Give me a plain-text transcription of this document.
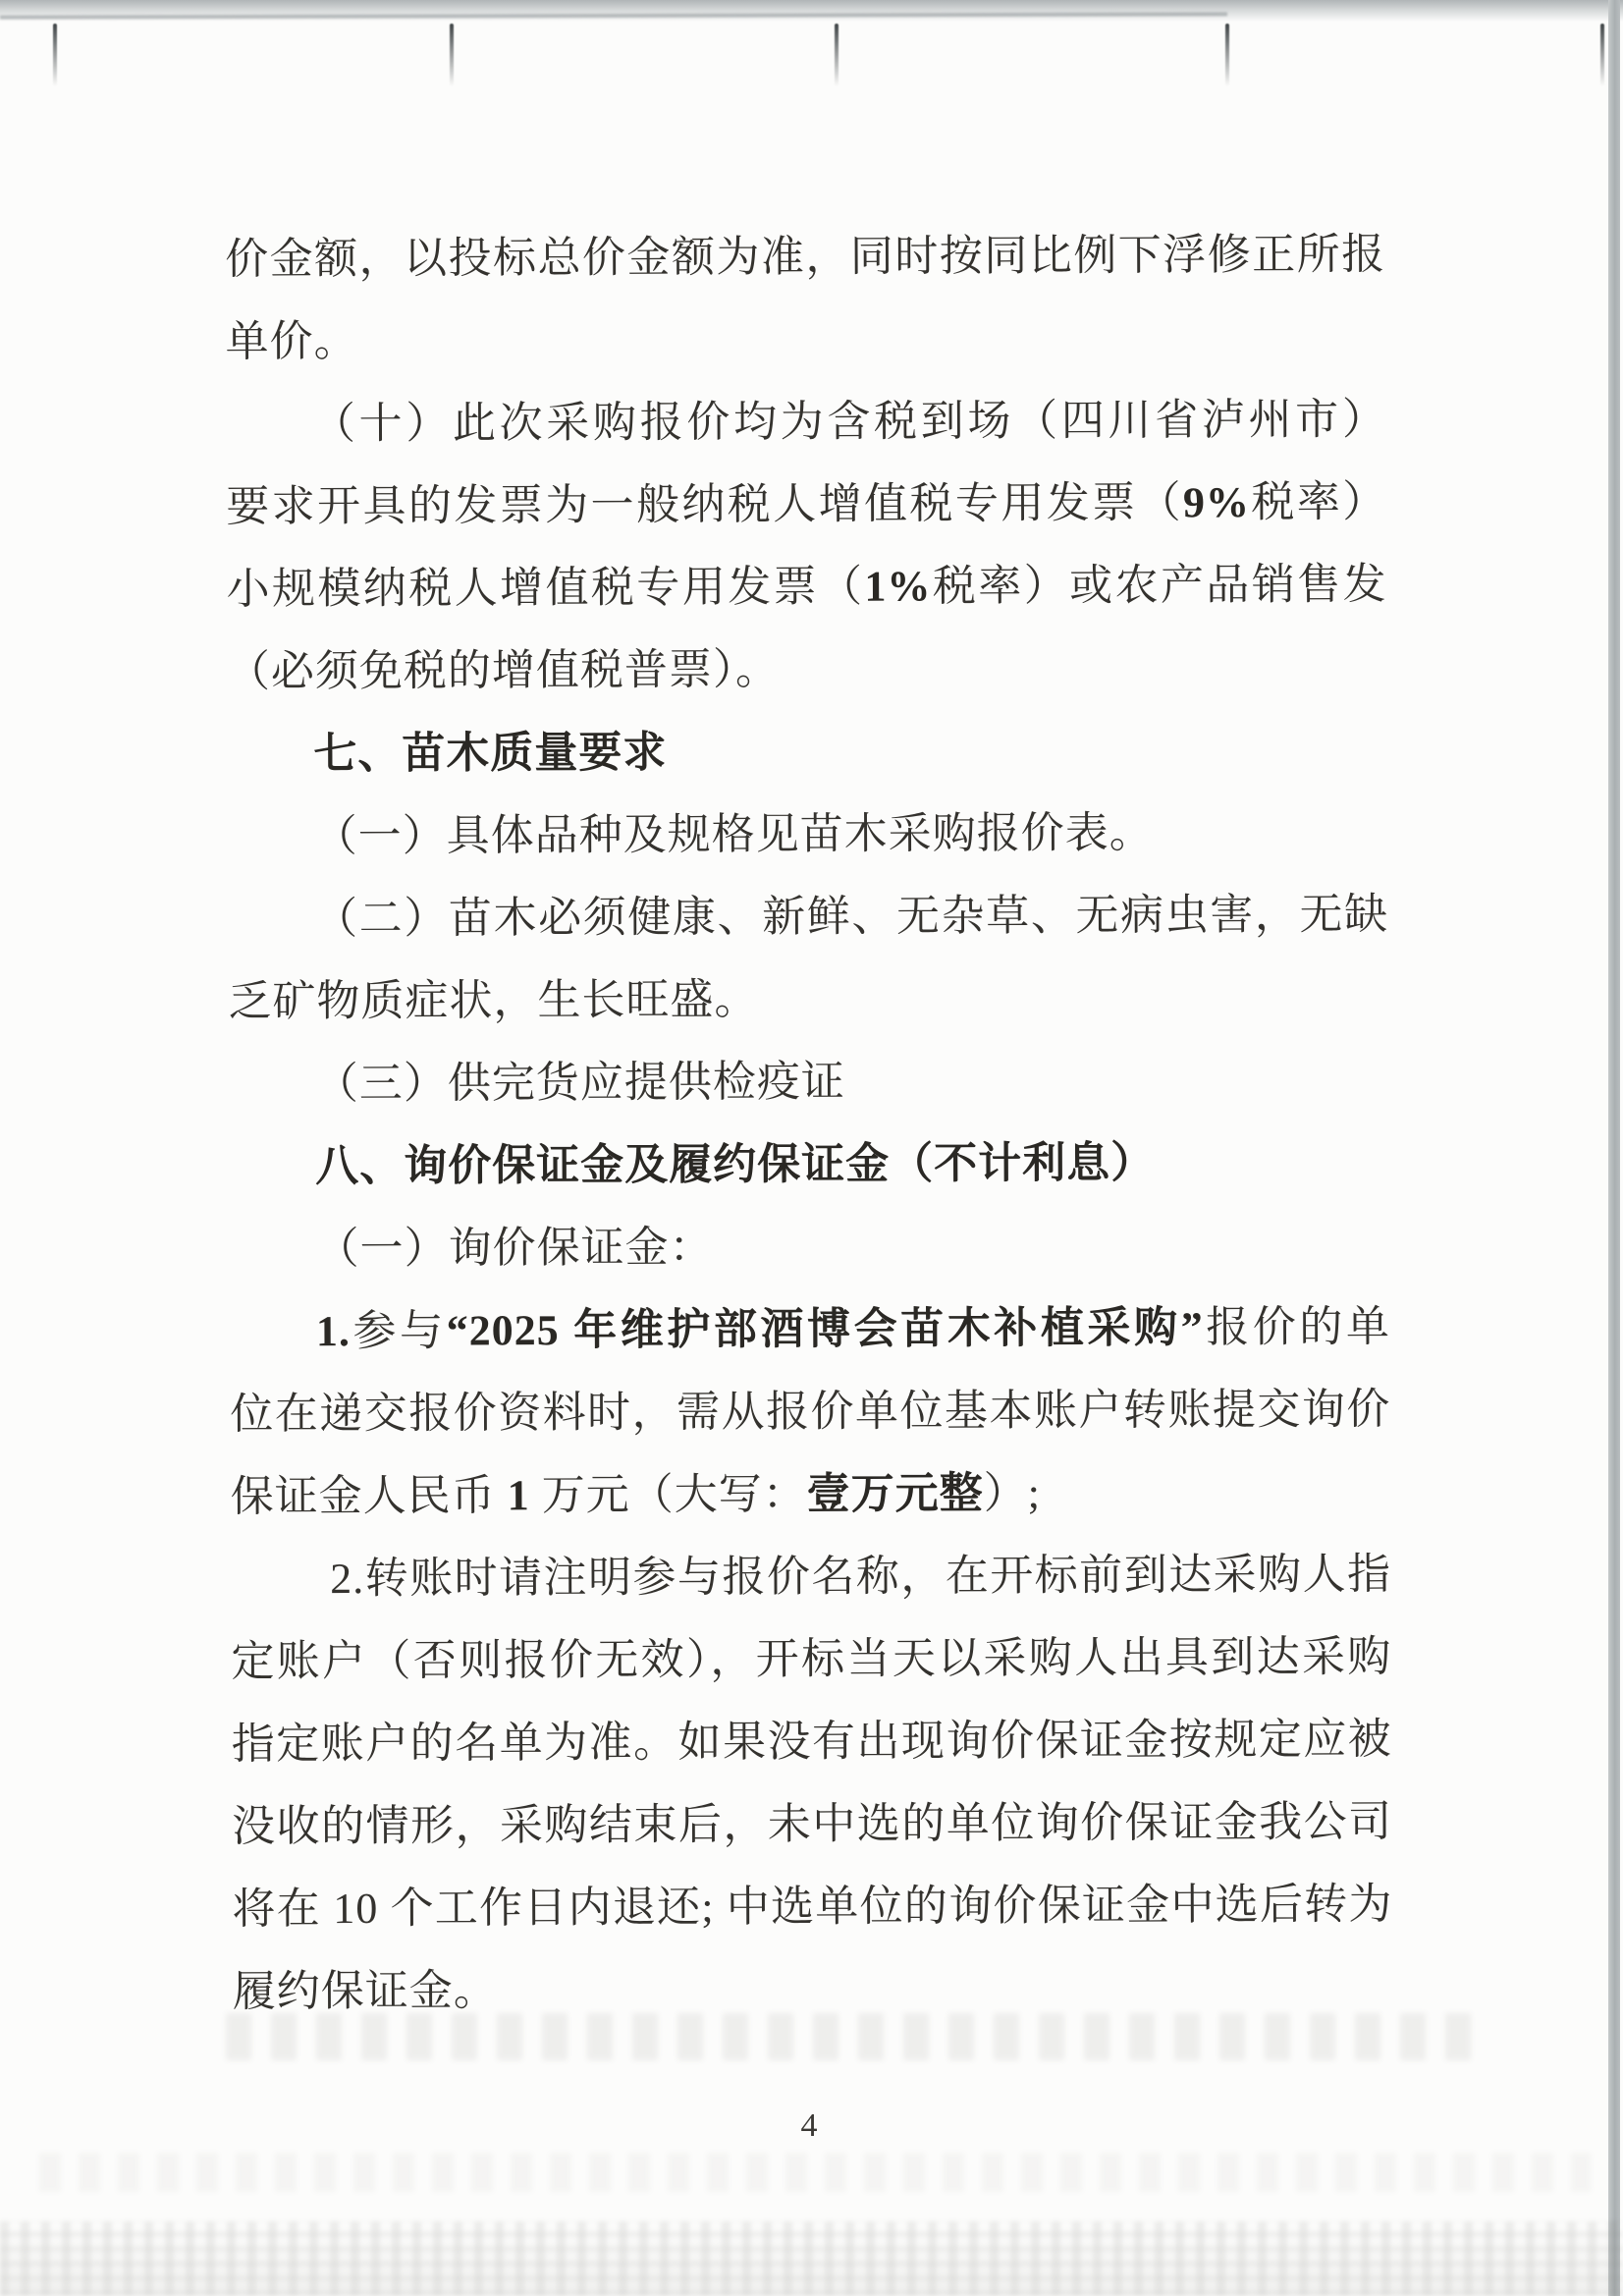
价金额，以投标总价金额为准，同时按同比例下浮修正所报
单价。
（十）此次采购报价均为含税到场（四川省泸州市）价，
要求开具的发票为一般纳税人增值税专用发票（9%税率）或
小规模纳税人增值税专用发票（1%税率）或农产品销售发票
（必须免税的增值税普票）。
七、苗木质量要求
（一）具体品种及规格见苗木采购报价表。
（二）苗木必须健康、新鲜、无杂草、无病虫害，无缺
乏矿物质症状，生长旺盛。
（三）供完货应提供检疫证
八、询价保证金及履约保证金（不计利息）
（一）询价保证金：
1.参与“2025 年维护部酒博会苗木补植采购”报价的单
位在递交报价资料时，需从报价单位基本账户转账提交询价
保证金人民币 1 万元（大写：壹万元整）;
2.转账时请注明参与报价名称，在开标前到达采购人指
定账户（否则报价无效），开标当天以采购人出具到达采购人
指定账户的名单为准。如果没有出现询价保证金按规定应被
没收的情形，采购结束后，未中选的单位询价保证金我公司
将在 10 个工作日内退还; 中选单位的询价保证金中选后转为
履约保证金。
4
